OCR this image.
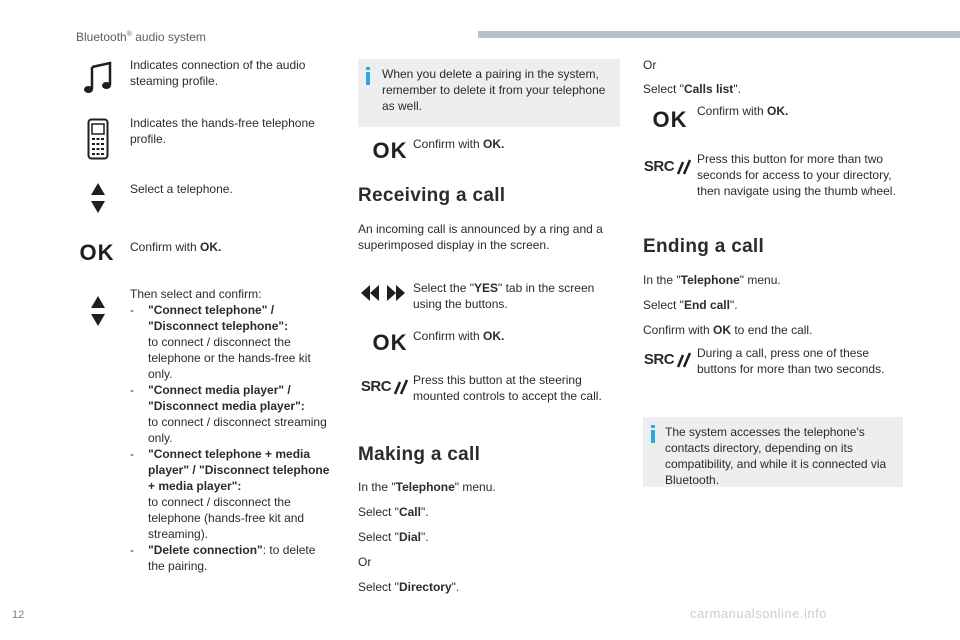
Bluetooth® audio system
Indicates connection of the audio steaming profile.
Indicates the hands-free telephone profile.
Select a telephone.
OK	Confirm with OK.
Then select and confirm:
- "Connect telephone" / "Disconnect telephone":
to connect / disconnect the telephone or the hands-free kit only.
- "Connect media player" / "Disconnect media player":
to connect / disconnect streaming only.
- "Connect telephone + media player" / "Disconnect telephone + media player":
to connect / disconnect the telephone (hands-free kit and streaming).
- "Delete connection": to delete the pairing.
When you delete a pairing in the system, remember to delete it from your telephone as well.
OK Confirm with OK.
Receiving a call
An incoming call is announced by a ring and a superimposed display in the screen.
Select the "YES" tab in the screen using the buttons.
OK Confirm with OK.
SRC Press this button at the steering mounted controls to accept the call.
Making a call
In the "Telephone" menu.
Select "Call".
Select "Dial".
Or
Select "Directory".
Or
Select "Calls list".
OK Confirm with OK.
SRC Press this button for more than two seconds for access to your directory, then navigate using the thumb wheel.
Ending a call
In the "Telephone" menu.
Select "End call".
Confirm with OK to end the call.
SRC During a call, press one of these buttons for more than two seconds.
The system accesses the telephone's contacts directory, depending on its compatibility, and while it is connected via Bluetooth.
12	carmanualsonline.info
